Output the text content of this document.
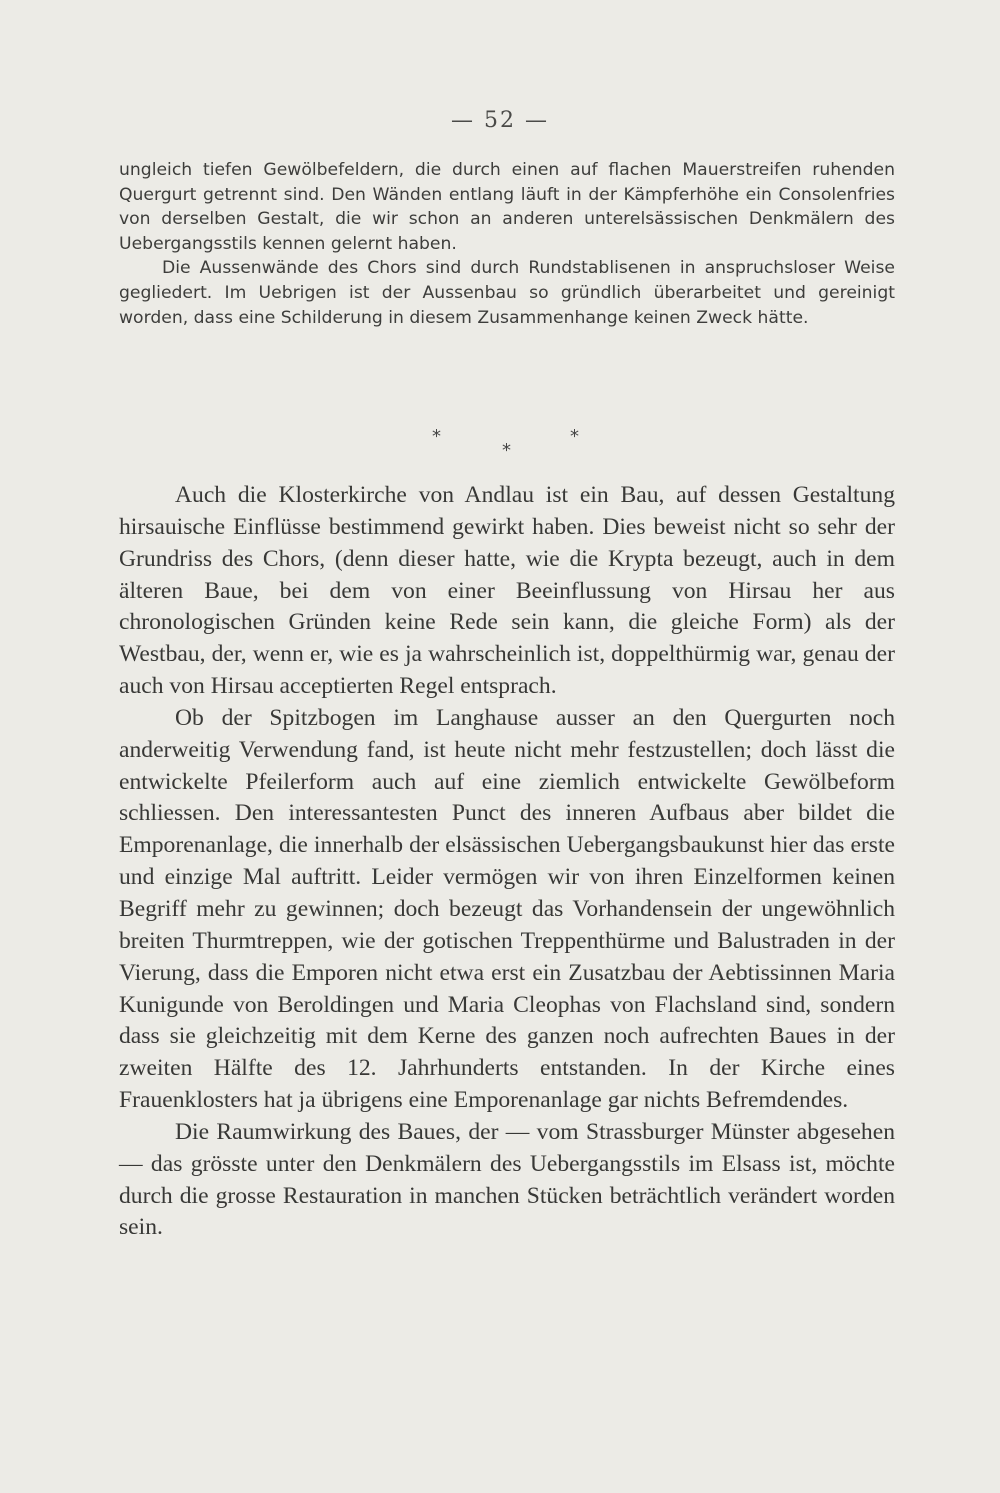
— 52 —

ungleich tiefen Gewölbefeldern, die durch einen auf flachen Mauerstreifen ruhenden Quergurt getrennt sind. Den Wänden entlang läuft in der Kämpferhöhe ein Consolenfries von derselben Gestalt, die wir schon an anderen unterelsässischen Denkmälern des Uebergangsstils kennen gelernt haben.

Die Aussenwände des Chors sind durch Rundstablisenen in anspruchsloser Weise gegliedert. Im Uebrigen ist der Aussenbau so gründlich überarbeitet und gereinigt worden, dass eine Schilderung in diesem Zusammenhange keinen Zweck hätte.

*	*
*

Auch die Klosterkirche von Andlau ist ein Bau, auf dessen Gestaltung hirsauische Einflüsse bestimmend gewirkt haben. Dies beweist nicht so sehr der Grundriss des Chors, (denn dieser hatte, wie die Krypta bezeugt, auch in dem älteren Baue, bei dem von einer Beeinflussung von Hirsau her aus chronologischen Gründen keine Rede sein kann, die gleiche Form) als der Westbau, der, wenn er, wie es ja wahrscheinlich ist, doppelthürmig war, genau der auch von Hirsau acceptierten Regel entsprach.

Ob der Spitzbogen im Langhause ausser an den Quergurten noch anderweitig Verwendung fand, ist heute nicht mehr festzustellen; doch lässt die entwickelte Pfeilerform auch auf eine ziemlich entwickelte Gewölbeform schliessen. Den interessantesten Punct des inneren Aufbaus aber bildet die Emporenanlage, die innerhalb der elsässischen Uebergangsbaukunst hier das erste und einzige Mal auftritt. Leider vermögen wir von ihren Einzelformen keinen Begriff mehr zu gewinnen; doch bezeugt das Vorhandensein der ungewöhnlich breiten Thurmtreppen, wie der gotischen Treppenthürme und Balustraden in der Vierung, dass die Emporen nicht etwa erst ein Zusatzbau der Aebtissinnen Maria Kunigunde von Beroldingen und Maria Cleophas von Flachsland sind, sondern dass sie gleichzeitig mit dem Kerne des ganzen noch aufrechten Baues in der zweiten Hälfte des 12. Jahrhunderts entstanden. In der Kirche eines Frauenklosters hat ja übrigens eine Emporenanlage gar nichts Befremdendes.

Die Raumwirkung des Baues, der — vom Strassburger Münster abgesehen — das grösste unter den Denkmälern des Uebergangsstils im Elsass ist, möchte durch die grosse Restauration in manchen Stücken beträchtlich verändert worden sein.
